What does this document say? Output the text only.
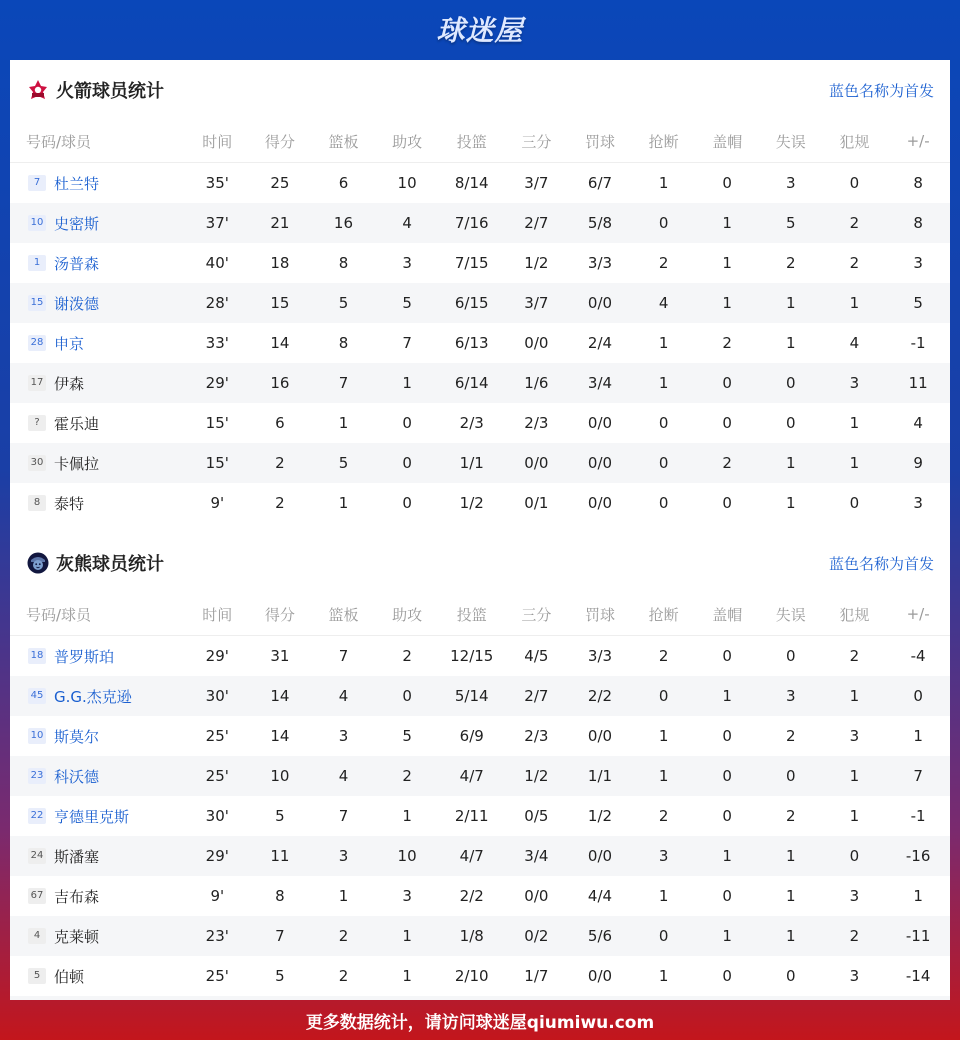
球迷屋
火箭球员统计	蓝色名称为首发
号码/球员	时间	得分	篮板	助攻	投篮	三分	罚球	抢断	盖帽	失误	犯规	+/-
7 杜兰特	35'	25	6	10	8/14	3/7	6/7	1	0	3	0	8
10 史密斯	37'	21	16	4	7/16	2/7	5/8	0	1	5	2	8
1 汤普森	40'	18	8	3	7/15	1/2	3/3	2	1	2	2	3
15 谢泼德	28'	15	5	5	6/15	3/7	0/0	4	1	1	1	5
28 申京	33'	14	8	7	6/13	0/0	2/4	1	2	1	4	-1
17 伊森	29'	16	7	1	6/14	1/6	3/4	1	0	0	3	11
? 霍乐迪	15'	6	1	0	2/3	2/3	0/0	0	0	0	1	4
30 卡佩拉	15'	2	5	0	1/1	0/0	0/0	0	2	1	1	9
8 泰特	9'	2	1	0	1/2	0/1	0/0	0	0	1	0	3
灰熊球员统计	蓝色名称为首发
号码/球员	时间	得分	篮板	助攻	投篮	三分	罚球	抢断	盖帽	失误	犯规	+/-
18 普罗斯珀	29'	31	7	2	12/15	4/5	3/3	2	0	0	2	-4
45 G.G.杰克逊	30'	14	4	0	5/14	2/7	2/2	0	1	3	1	0
10 斯莫尔	25'	14	3	5	6/9	2/3	0/0	1	0	2	3	1
23 科沃德	25'	10	4	2	4/7	1/2	1/1	1	0	0	1	7
22 亨德里克斯	30'	5	7	1	2/11	0/5	1/2	2	0	2	1	-1
24 斯潘塞	29'	11	3	10	4/7	3/4	0/0	3	1	1	0	-16
67 吉布森	9'	8	1	3	2/2	0/0	4/4	1	0	1	3	1
4 克莱顿	23'	7	2	1	1/8	0/2	5/6	0	1	1	2	-11
5 伯顿	25'	5	2	1	2/10	1/7	0/0	1	0	0	3	-14

更多数据统计，请访问球迷屋qiumiwu.com
